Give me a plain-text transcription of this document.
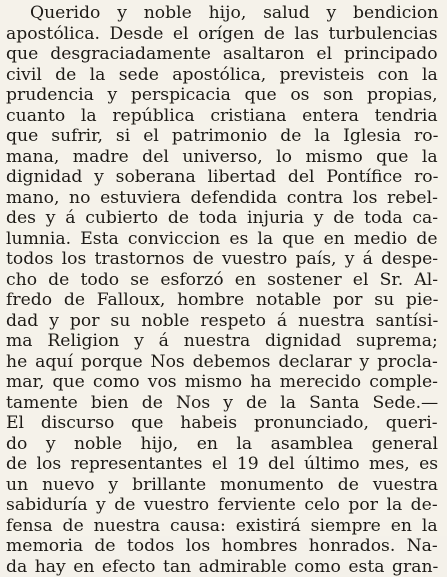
Querido y noble hijo, salud y bendicion
apostólica. Desde el orígen de las turbulencias
que desgraciadamente asaltaron el principado
civil de la sede apostólica, previsteis con la
prudencia y perspicacia que os son propias,
cuanto la república cristiana entera tendria
que sufrir, si el patrimonio de la Iglesia ro-
mana, madre del universo, lo mismo que la
dignidad y soberana libertad del Pontífice ro-
mano, no estuviera defendida contra los rebel-
des y á cubierto de toda injuria y de toda ca-
lumnia. Esta conviccion es la que en medio de
todos los trastornos de vuestro país, y á despe-
cho de todo se esforzó en sostener el Sr. Al-
fredo de Falloux, hombre notable por su pie-
dad y por su noble respeto á nuestra santísi-
ma Religion y á nuestra dignidad suprema;
he aquí porque Nos debemos declarar y procla-
mar, que como vos mismo ha merecido comple-
tamente bien de Nos y de la Santa Sede.—
El discurso que habeis pronunciado, queri-
do y noble hijo, en la asamblea general
de los representantes el 19 del último mes, es
un nuevo y brillante monumento de vuestra
sabiduría y de vuestro ferviente celo por la de-
fensa de nuestra causa: existirá siempre en la
memoria de todos los hombres honrados. Na-
da hay en efecto tan admirable como esta gran-
